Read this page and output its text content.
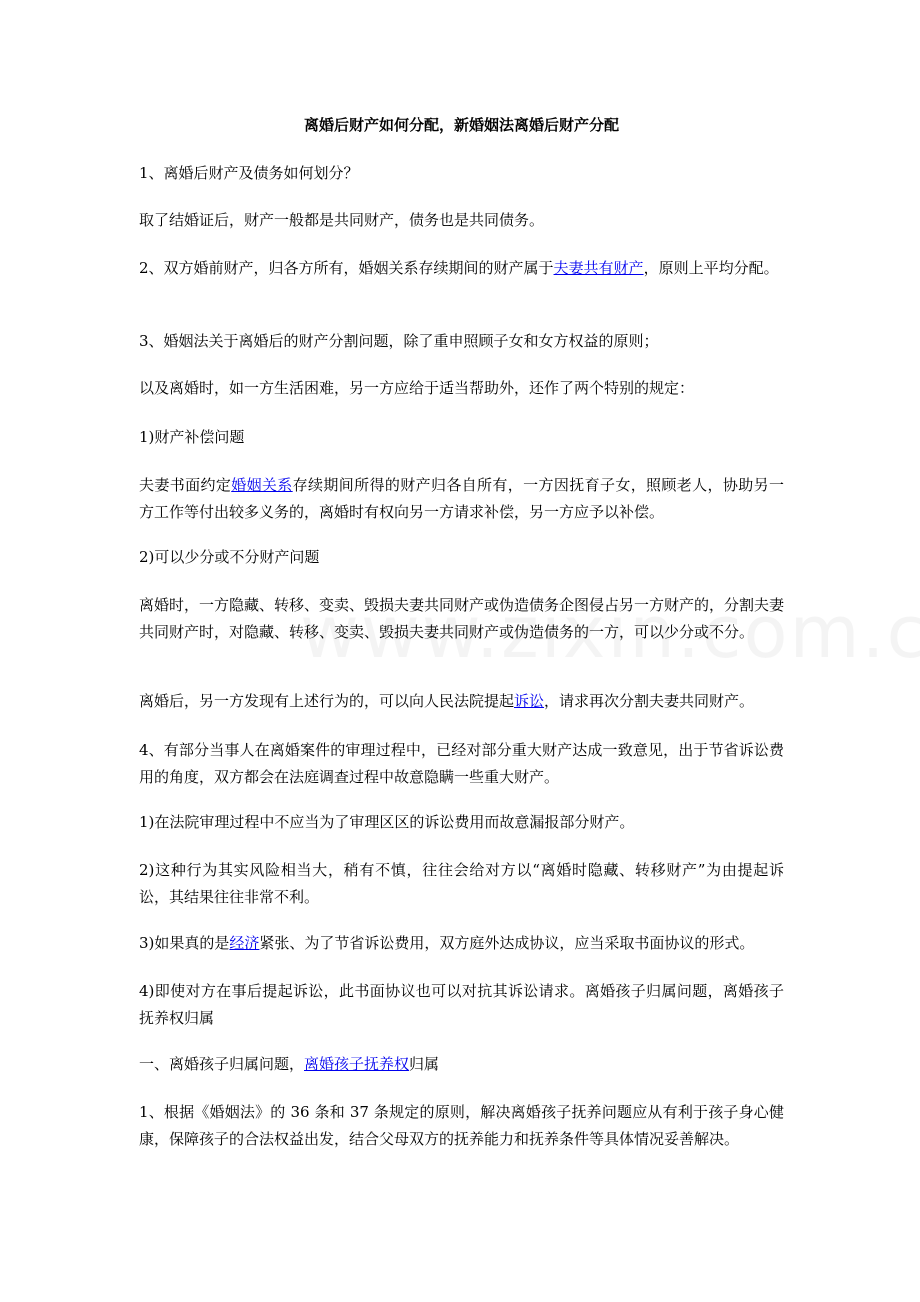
离婚后财产如何分配，新婚姻法离婚后财产分配

1、离婚后财产及债务如何划分？

取了结婚证后，财产一般都是共同财产，债务也是共同债务。

2、双方婚前财产，归各方所有，婚姻关系存续期间的财产属于夫妻共有财产，原则上平均分配。

3、婚姻法关于离婚后的财产分割问题，除了重申照顾子女和女方权益的原则；

以及离婚时，如一方生活困难，另一方应给于适当帮助外，还作了两个特别的规定：

1)财产补偿问题

夫妻书面约定婚姻关系存续期间所得的财产归各自所有，一方因抚育子女，照顾老人，协助另一方工作等付出较多义务的，离婚时有权向另一方请求补偿，另一方应予以补偿。

2)可以少分或不分财产问题

离婚时，一方隐藏、转移、变卖、毁损夫妻共同财产或伪造债务企图侵占另一方财产的，分割夫妻共同财产时，对隐藏、转移、变卖、毁损夫妻共同财产或伪造债务的一方，可以少分或不分。

离婚后，另一方发现有上述行为的，可以向人民法院提起诉讼，请求再次分割夫妻共同财产。

4、有部分当事人在离婚案件的审理过程中，已经对部分重大财产达成一致意见，出于节省诉讼费用的角度，双方都会在法庭调查过程中故意隐瞒一些重大财产。

1)在法院审理过程中不应当为了审理区区的诉讼费用而故意漏报部分财产。

2)这种行为其实风险相当大，稍有不慎，往往会给对方以“离婚时隐藏、转移财产”为由提起诉讼，其结果往往非常不利。

3)如果真的是经济紧张、为了节省诉讼费用，双方庭外达成协议，应当采取书面协议的形式。

4)即使对方在事后提起诉讼，此书面协议也可以对抗其诉讼请求。离婚孩子归属问题，离婚孩子抚养权归属

一、离婚孩子归属问题，离婚孩子抚养权归属

1、根据《婚姻法》的 36 条和 37 条规定的原则，解决离婚孩子抚养问题应从有利于孩子身心健康，保障孩子的合法权益出发，结合父母双方的抚养能力和抚养条件等具体情况妥善解决。
